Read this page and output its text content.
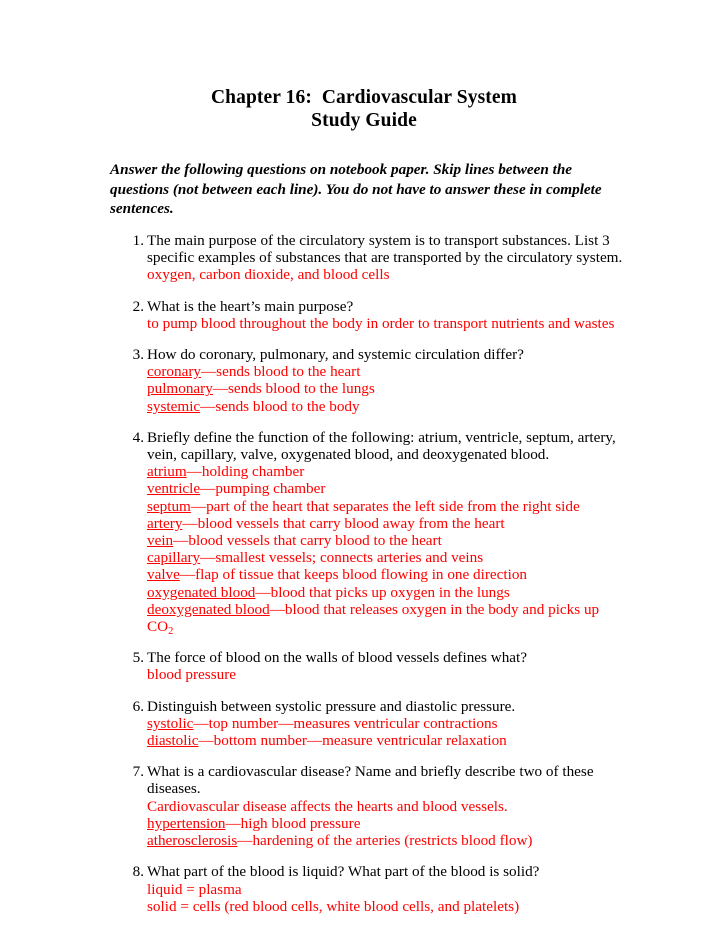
Chapter 16:  Cardiovascular System
Study Guide
Answer the following questions on notebook paper. Skip lines between the questions (not between each line). You do not have to answer these in complete sentences.
1. The main purpose of the circulatory system is to transport substances. List 3 specific examples of substances that are transported by the circulatory system.
oxygen, carbon dioxide, and blood cells
2. What is the heart’s main purpose?
to pump blood throughout the body in order to transport nutrients and wastes
3. How do coronary, pulmonary, and systemic circulation differ?
coronary—sends blood to the heart
pulmonary—sends blood to the lungs
systemic—sends blood to the body
4. Briefly define the function of the following: atrium, ventricle, septum, artery, vein, capillary, valve, oxygenated blood, and deoxygenated blood.
atrium—holding chamber
ventricle—pumping chamber
septum—part of the heart that separates the left side from the right side
artery—blood vessels that carry blood away from the heart
vein—blood vessels that carry blood to the heart
capillary—smallest vessels; connects arteries and veins
valve—flap of tissue that keeps blood flowing in one direction
oxygenated blood—blood that picks up oxygen in the lungs
deoxygenated blood—blood that releases oxygen in the body and picks up $CO_2$
5. The force of blood on the walls of blood vessels defines what?
blood pressure
6. Distinguish between systolic pressure and diastolic pressure.
systolic—top number—measures ventricular contractions
diastolic—bottom number—measure ventricular relaxation
7. What is a cardiovascular disease? Name and briefly describe two of these diseases.
Cardiovascular disease affects the hearts and blood vessels.
hypertension—high blood pressure
atherosclerosis—hardening of the arteries (restricts blood flow)
8. What part of the blood is liquid? What part of the blood is solid?
liquid = plasma
solid = cells (red blood cells, white blood cells, and platelets)
